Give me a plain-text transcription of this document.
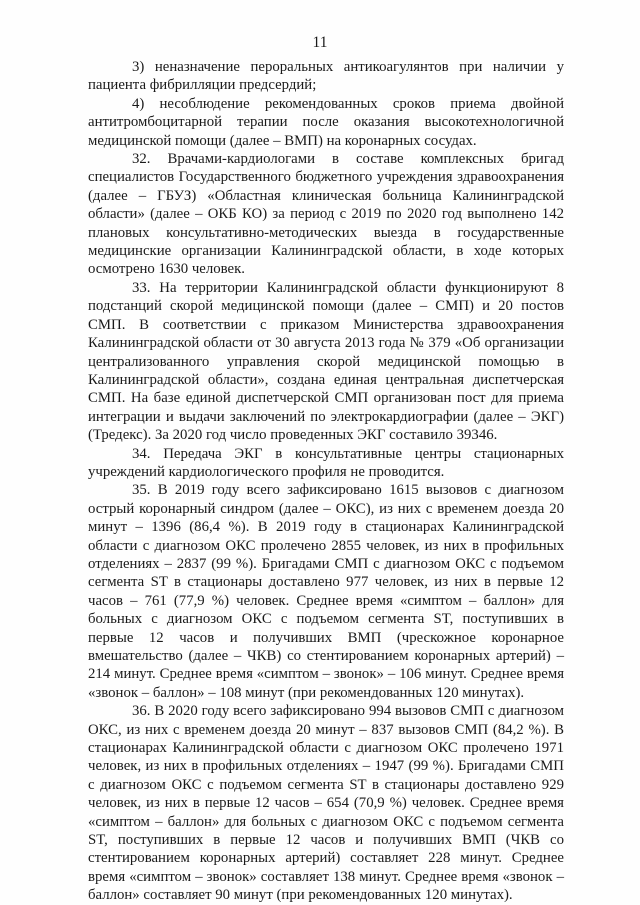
11

3) неназначение пероральных антикоагулянтов при наличии у пациента фибрилляции предсердий;

4) несоблюдение рекомендованных сроков приема двойной антитромбоцитарной терапии после оказания высокотехнологичной медицинской помощи (далее – ВМП) на коронарных сосудах.

32. Врачами-кардиологами в составе комплексных бригад специалистов Государственного бюджетного учреждения здравоохранения (далее – ГБУЗ) «Областная клиническая больница Калининградской области» (далее – ОКБ КО) за период с 2019 по 2020 год выполнено 142 плановых консультативно-методических выезда в государственные медицинские организации Калининградской области, в ходе которых осмотрено 1630 человек.

33. На территории Калининградской области функционируют 8 подстанций скорой медицинской помощи (далее – СМП) и 20 постов СМП. В соответствии с приказом Министерства здравоохранения Калининградской области от 30 августа 2013 года № 379 «Об организации централизованного управления скорой медицинской помощью в Калининградской области», создана единая центральная диспетчерская СМП. На базе единой диспетчерской СМП организован пост для приема интеграции и выдачи заключений по электрокардиографии (далее – ЭКГ) (Тредекс). За 2020 год число проведенных ЭКГ составило 39346.

34. Передача ЭКГ в консультативные центры стационарных учреждений кардиологического профиля не проводится.

35. В 2019 году всего зафиксировано 1615 вызовов с диагнозом острый коронарный синдром (далее – ОКС), из них с временем доезда 20 минут – 1396 (86,4 %). В 2019 году в стационарах Калининградской области с диагнозом ОКС пролечено 2855 человек, из них в профильных отделениях – 2837 (99 %). Бригадами СМП с диагнозом ОКС с подъемом сегмента ST в стационары доставлено 977 человек, из них в первые 12 часов – 761 (77,9 %) человек. Среднее время «симптом – баллон» для больных с диагнозом ОКС с подъемом сегмента ST, поступивших в первые 12 часов и получивших ВМП (чрескожное коронарное вмешательство (далее – ЧКВ) со стентированием коронарных артерий) – 214 минут. Среднее время «симптом – звонок» – 106 минут. Среднее время «звонок – баллон» – 108 минут (при рекомендованных 120 минутах).

36. В 2020 году всего зафиксировано 994 вызовов СМП с диагнозом ОКС, из них с временем доезда 20 минут – 837 вызовов СМП (84,2 %). В стационарах Калининградской области с диагнозом ОКС пролечено 1971 человек, из них в профильных отделениях – 1947 (99 %). Бригадами СМП с диагнозом ОКС с подъемом сегмента ST в стационары доставлено 929 человек, из них в первые 12 часов – 654 (70,9 %) человек. Среднее время «симптом – баллон» для больных с диагнозом ОКС с подъемом сегмента ST, поступивших в первые 12 часов и получивших ВМП (ЧКВ со стентированием коронарных артерий) составляет 228 минут. Среднее время «симптом – звонок» составляет 138 минут. Среднее время «звонок – баллон» составляет 90 минут (при рекомендованных 120 минутах).
